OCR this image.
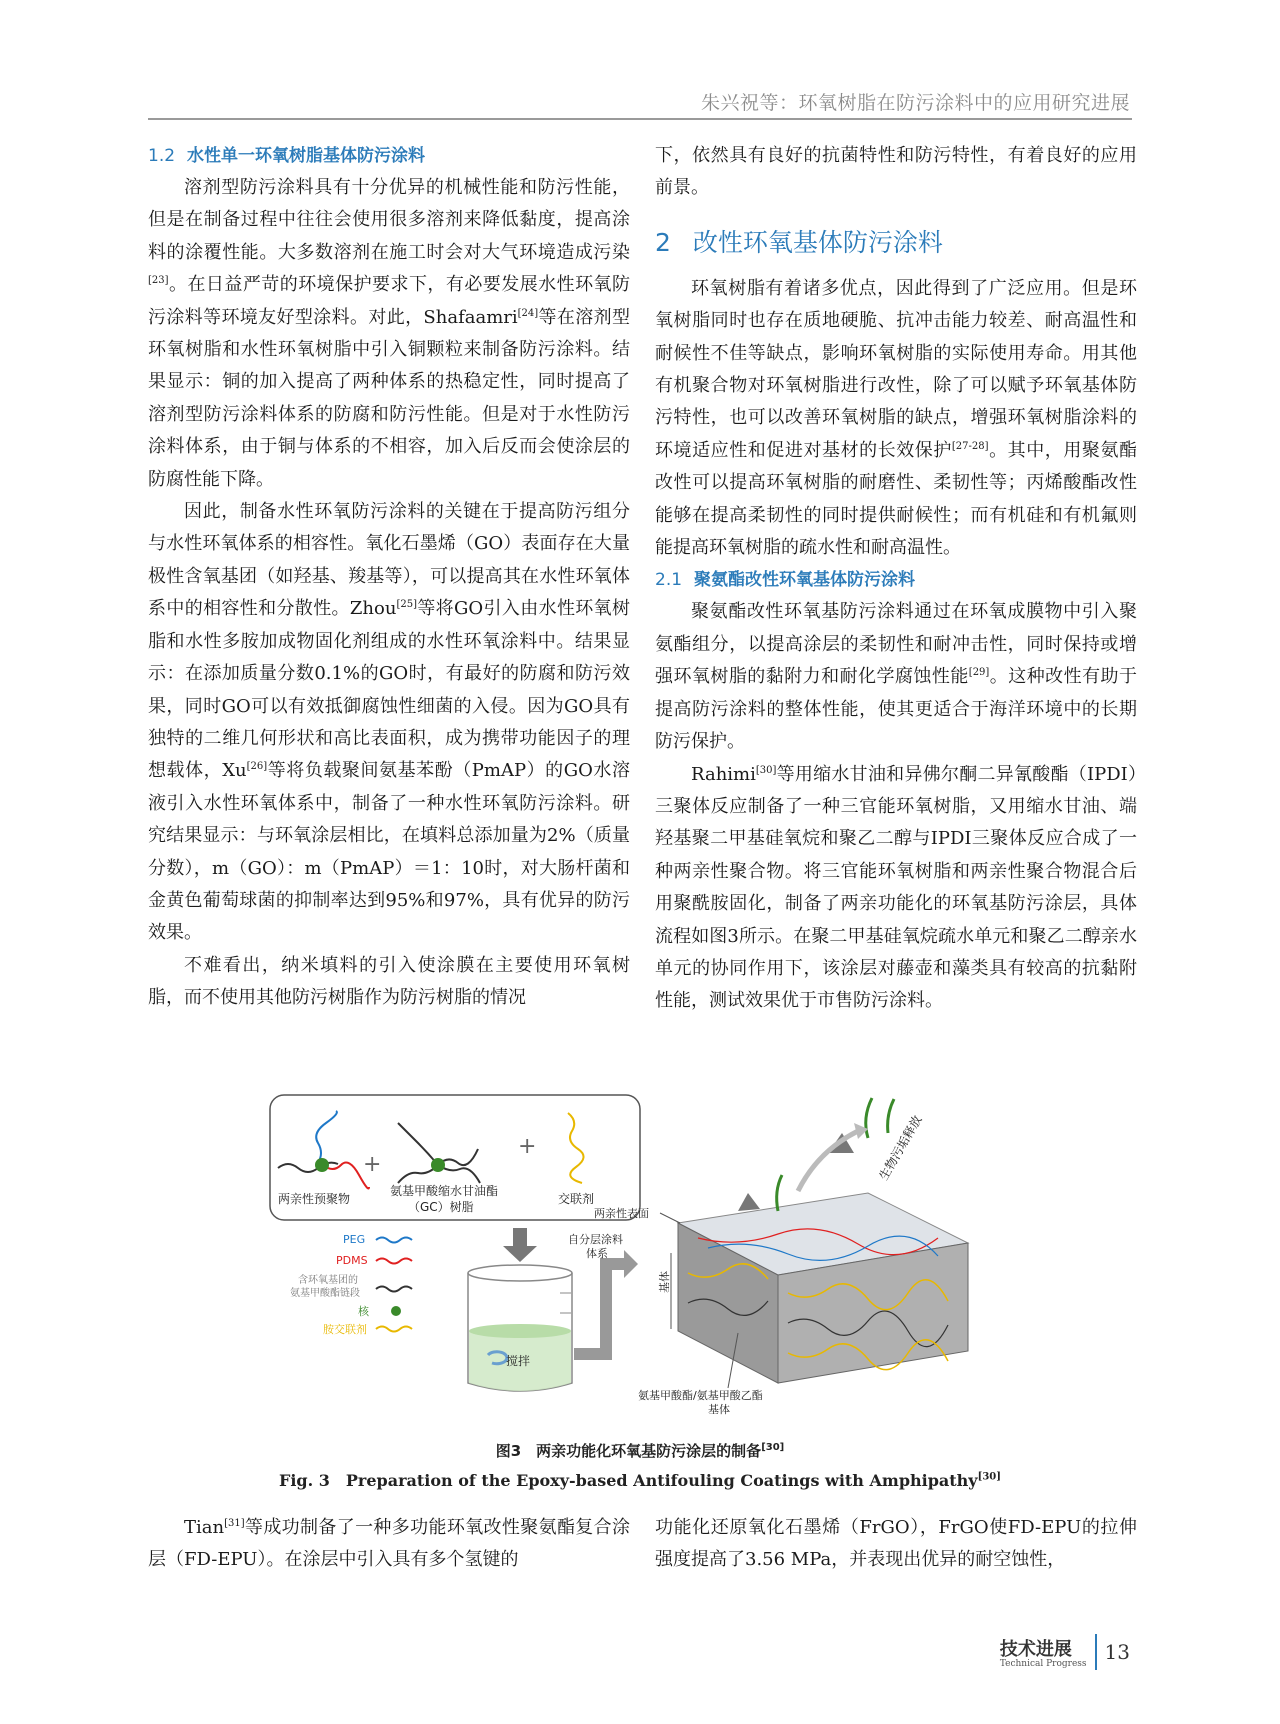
朱兴祝等：环氧树脂在防污涂料中的应用研究进展
1.2 水性单一环氧树脂基体防污涂料

溶剂型防污涂料具有十分优异的机械性能和防污性能，但是在制备过程中往往会使用很多溶剂来降低黏度，提高涂料的涂覆性能。大多数溶剂在施工时会对大气环境造成污染[23]。在日益严苛的环境保护要求下，有必要发展水性环氧防污涂料等环境友好型涂料。对此，Shafaamri[24]等在溶剂型环氧树脂和水性环氧树脂中引入铜颗粒来制备防污涂料。结果显示：铜的加入提高了两种体系的热稳定性，同时提高了溶剂型防污涂料体系的防腐和防污性能。但是对于水性防污涂料体系，由于铜与体系的不相容，加入后反而会使涂层的防腐性能下降。

因此，制备水性环氧防污涂料的关键在于提高防污组分与水性环氧体系的相容性。氧化石墨烯（GO）表面存在大量极性含氧基团（如羟基、羧基等），可以提高其在水性环氧体系中的相容性和分散性。Zhou[25]等将GO引入由水性环氧树脂和水性多胺加成物固化剂组成的水性环氧涂料中。结果显示：在添加质量分数0.1%的GO时，有最好的防腐和防污效果，同时GO可以有效抵御腐蚀性细菌的入侵。因为GO具有独特的二维几何形状和高比表面积，成为携带功能因子的理想载体，Xu[26]等将负载聚间氨基苯酚（PmAP）的GO水溶液引入水性环氧体系中，制备了一种水性环氧防污涂料。研究结果显示：与环氧涂层相比，在填料总添加量为2%（质量分数），m（GO）：m（PmAP）＝1：10时，对大肠杆菌和金黄色葡萄球菌的抑制率达到95%和97%，具有优异的防污效果。

不难看出，纳米填料的引入使涂膜在主要使用环氧树脂，而不使用其他防污树脂作为防污树脂的情况

下，依然具有良好的抗菌特性和防污特性，有着良好的应用前景。

2 改性环氧基体防污涂料

环氧树脂有着诸多优点，因此得到了广泛应用。但是环氧树脂同时也存在质地硬脆、抗冲击能力较差、耐高温性和耐候性不佳等缺点，影响环氧树脂的实际使用寿命。用其他有机聚合物对环氧树脂进行改性，除了可以赋予环氧基体防污特性，也可以改善环氧树脂的缺点，增强环氧树脂涂料的环境适应性和促进对基材的长效保护[27-28]。其中，用聚氨酯改性可以提高环氧树脂的耐磨性、柔韧性等；丙烯酸酯改性能够在提高柔韧性的同时提供耐候性；而有机硅和有机氟则能提高环氧树脂的疏水性和耐高温性。

2.1 聚氨酯改性环氧基体防污涂料

聚氨酯改性环氧基防污涂料通过在环氧成膜物中引入聚氨酯组分，以提高涂层的柔韧性和耐冲击性，同时保持或增强环氧树脂的黏附力和耐化学腐蚀性能[29]。这种改性有助于提高防污涂料的整体性能，使其更适合于海洋环境中的长期防污保护。

Rahimi[30]等用缩水甘油和异佛尔酮二异氰酸酯（IPDI）三聚体反应制备了一种三官能环氧树脂，又用缩水甘油、端羟基聚二甲基硅氧烷和聚乙二醇与IPDI三聚体反应合成了一种两亲性聚合物。将三官能环氧树脂和两亲性聚合物混合后用聚酰胺固化，制备了两亲功能化的环氧基防污涂层，具体流程如图3所示。在聚二甲基硅氧烷疏水单元和聚乙二醇亲水单元的协同作用下，该涂层对藤壶和藻类具有较高的抗黏附性能，测试效果优于市售防污涂料。

两亲性预聚物
+
氨基甲酸缩水甘油酯
（GC）树脂
+
交联剂
PEG
PDMS
含环氧基团的
氨基甲酸酯链段
核
胺交联剂
搅拌
自分层涂料
体系
生物污垢释放
两亲性表面
基体
氨基甲酸酯/氨基甲酸乙酯
基体
图3　两亲功能化环氧基防污涂层的制备[30]
Fig. 3　Preparation of the Epoxy-based Antifouling Coatings with Amphipathy[30]

Tian[31]等成功制备了一种多功能环氧改性聚氨酯复合涂层（FD-EPU）。在涂层中引入具有多个氢键的

功能化还原氧化石墨烯（FrGO），FrGO使FD-EPU的拉伸强度提高了3.56 MPa，并表现出优异的耐空蚀性，

技术进展
Technical Progress 13
